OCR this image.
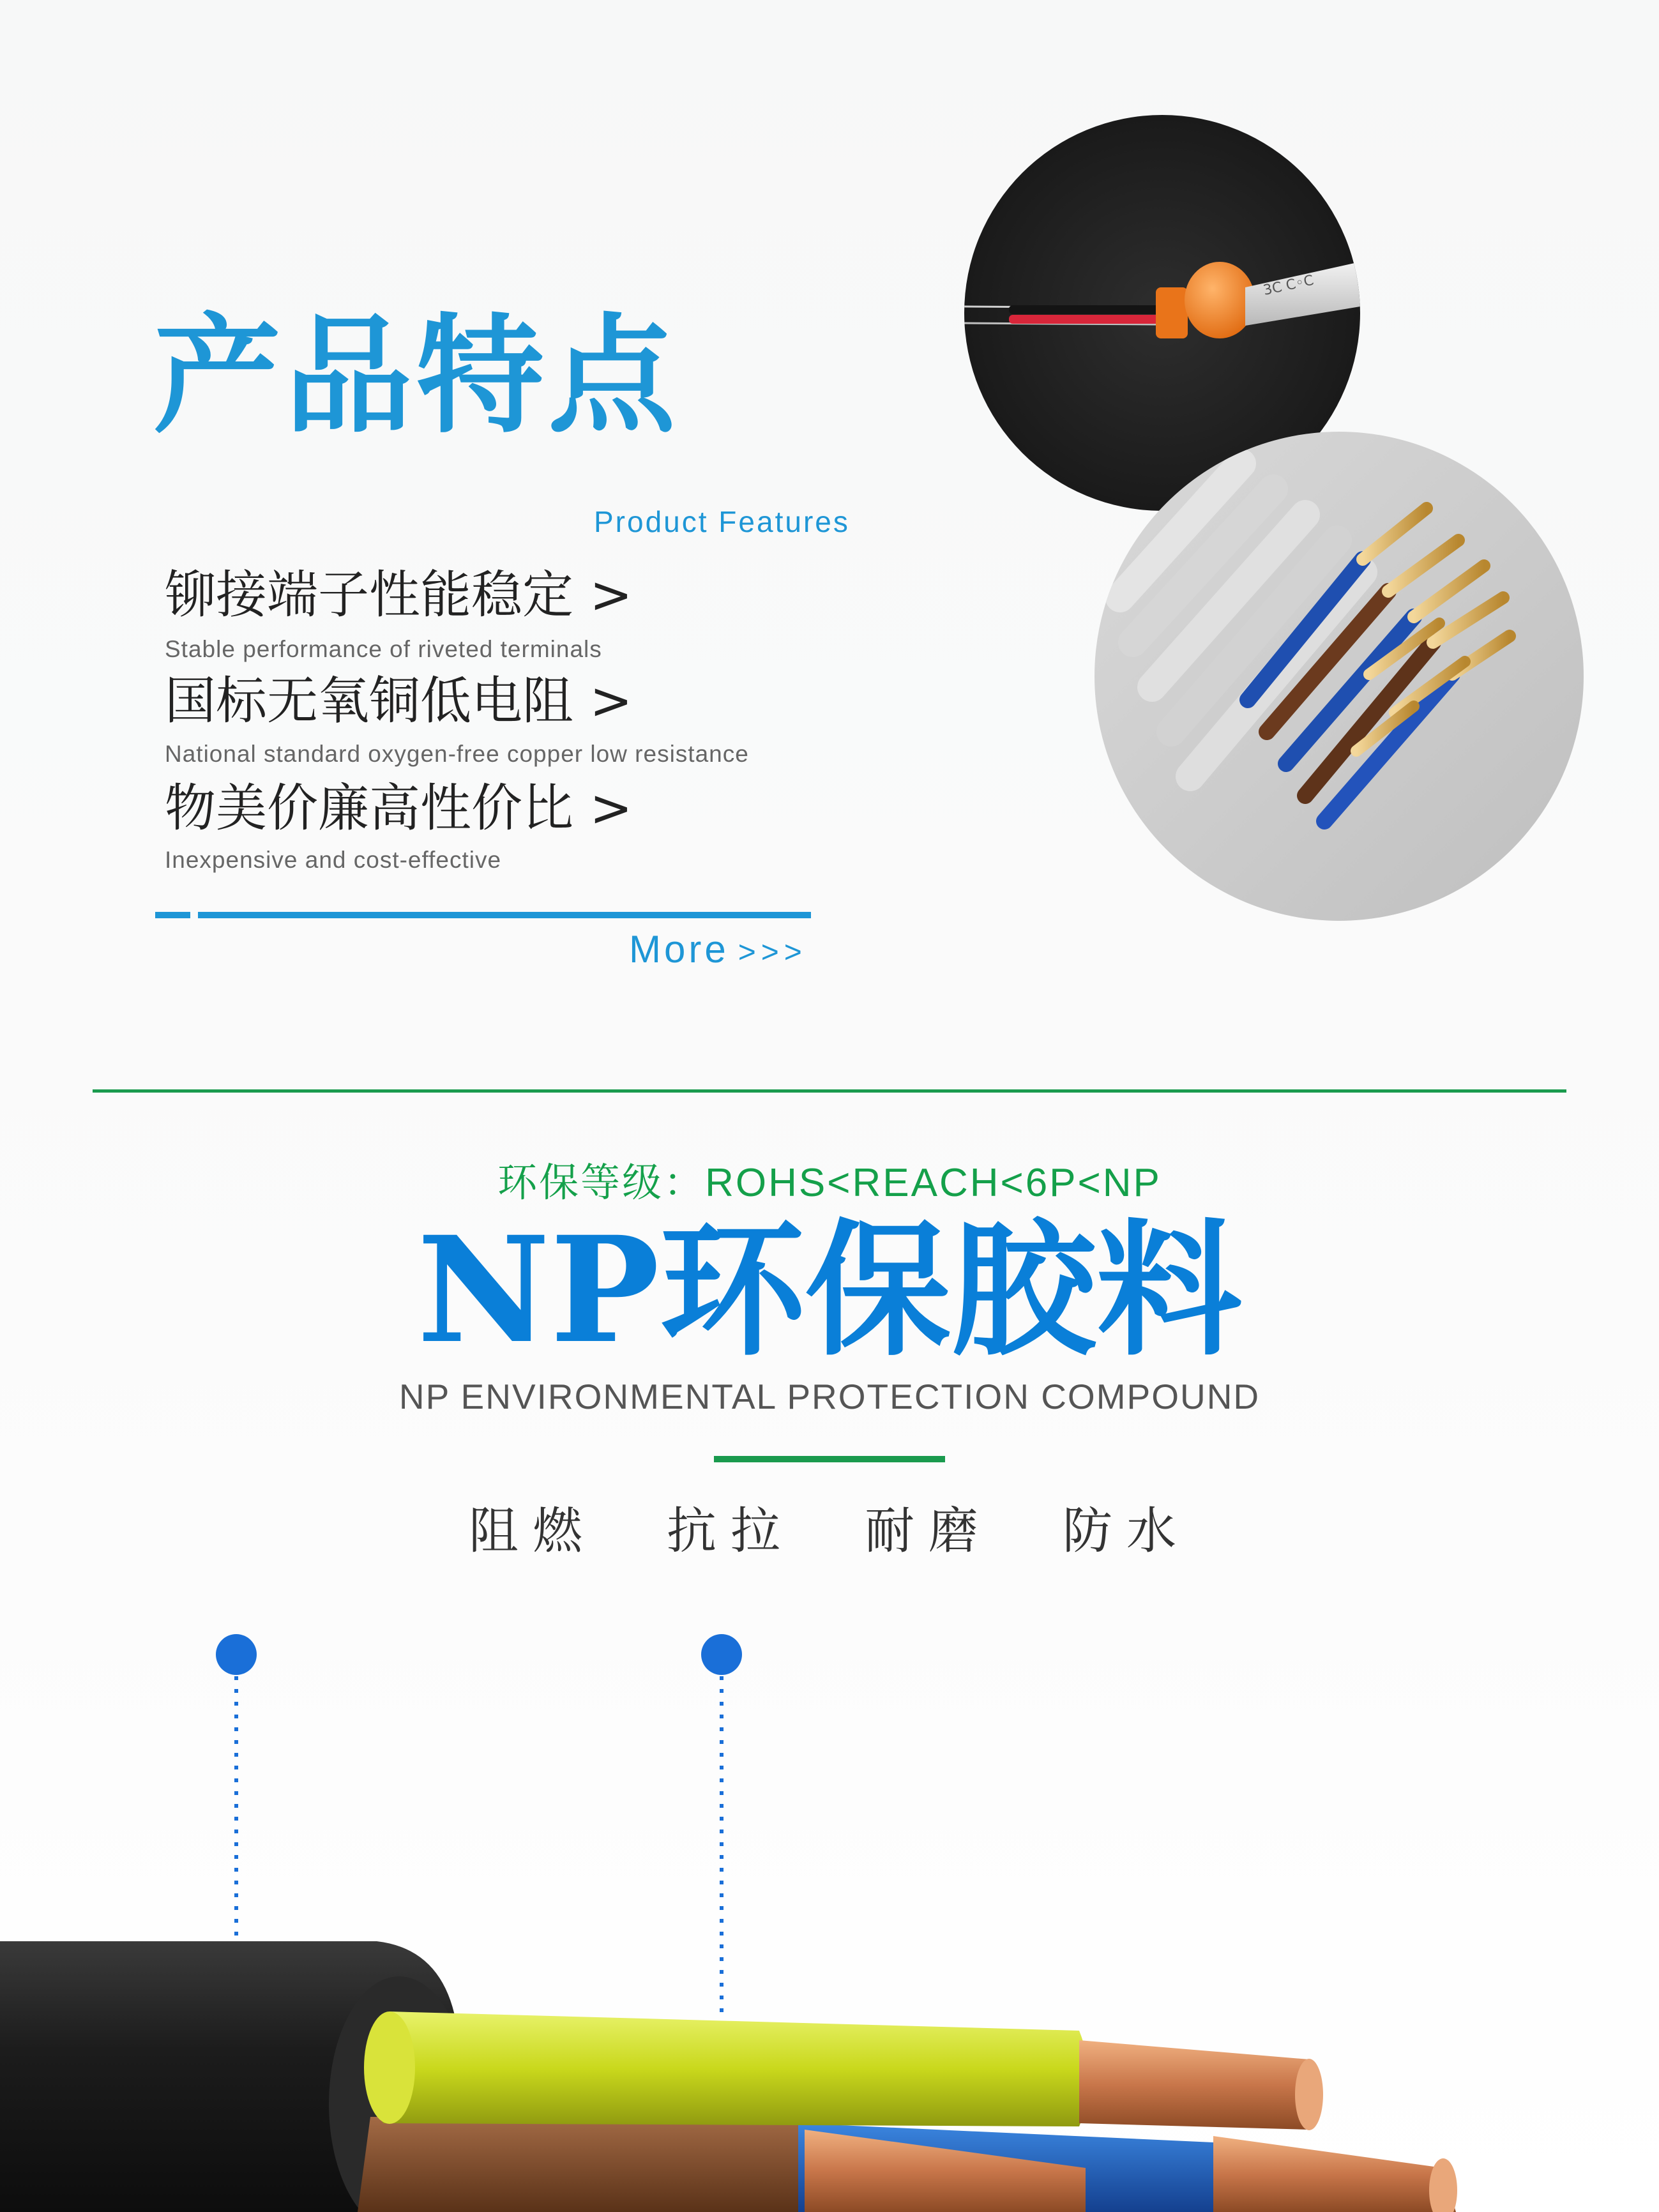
产品特点
Product Features
铆接端子性能稳定 >
Stable performance of riveted terminals
国标无氧铜低电阻 >
National standard oxygen-free copper low resistance
物美价廉高性价比 >
Inexpensive and cost-effective
More >>>
3C C◦C
环保等级：ROHS<REACH<6P<NP
NP环保胶料
NP ENVIRONMENTAL PROTECTION COMPOUND
阻燃 抗拉 耐磨 防水
